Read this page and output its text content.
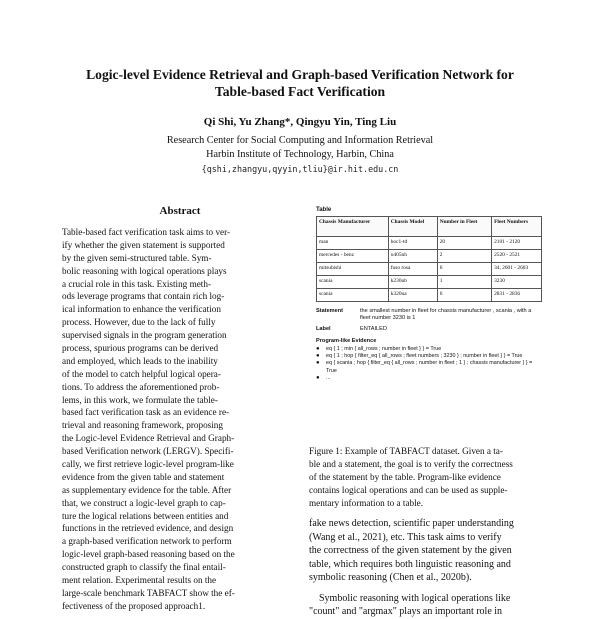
Logic-level Evidence Retrieval and Graph-based Verification Network for
Table-based Fact Verification
Qi Shi, Yu Zhang*, Qingyu Yin, Ting Liu
Research Center for Social Computing and Information Retrieval
Harbin Institute of Technology, Harbin, China
{qshi,zhangyu,qyyin,tliu}@ir.hit.edu.cn
Abstract
Table-based fact verification task aims to ver-
ify whether the given statement is supported
by the given semi-structured table. Sym-
bolic reasoning with logical operations plays
a crucial role in this task. Existing meth-
ods leverage programs that contain rich log-
ical information to enhance the verification
process. However, due to the lack of fully
supervised signals in the program generation
process, spurious programs can be derived
and employed, which leads to the inability
of the model to catch helpful logical opera-
tions. To address the aforementioned prob-
lems, in this work, we formulate the table-
based fact verification task as an evidence re-
trieval and reasoning framework, proposing
the Logic-level Evidence Retrieval and Graph-
based Verification network (LERGV). Specifi-
cally, we first retrieve logic-level program-like
evidence from the given table and statement
as supplementary evidence for the table. After
that, we construct a logic-level graph to cap-
ture the logical relations between entities and
functions in the retrieved evidence, and design
a graph-based verification network to perform
logic-level graph-based reasoning based on the
constructed graph to classify the final entail-
ment relation. Experimental results on the
large-scale benchmark TABFACT show the ef-
fectiveness of the proposed approach1.
Table
Chassis Manufacturer	Chassis Model	Number in Fleet	Fleet Numbers
man	hoc1-td	20	2101 - 2120
mercedes - benz	o405nh	2	2520 - 2521
mitsubishi	fuso rosa	6	34, 2601 - 2603
scania	k230ub	1	3230
scania	k320ua	6	2831 - 2836
Statement	the smallest number in fleet for chassis manufacturer , scania , with a fleet number 3230 is 1
Label	ENTAILED
Program-like Evidence
●	eq { 1 ; min { all_rows ; number in fleet } } = True
●	eq { 1 ; hop { filter_eq { all_rows ; fleet numbers ; 3230 } ; number in fleet } } = True
●	eq { scania ; hop { filter_eq { all_rows ; number in fleet ; 1 } ; chassis manufacturer } } = True
●	...
Figure 1: Example of TABFACT dataset. Given a ta-
ble and a statement, the goal is to verify the correctness
of the statement by the table. Program-like evidence
contains logical operations and can be used as supple-
mentary information to a table.
fake news detection, scientific paper understanding
(Wang et al., 2021), etc. This task aims to verify
the correctness of the given statement by the given
table, which requires both linguistic reasoning and
symbolic reasoning (Chen et al., 2020b).
Symbolic reasoning with logical operations like
"count" and "argmax" plays an important role in
